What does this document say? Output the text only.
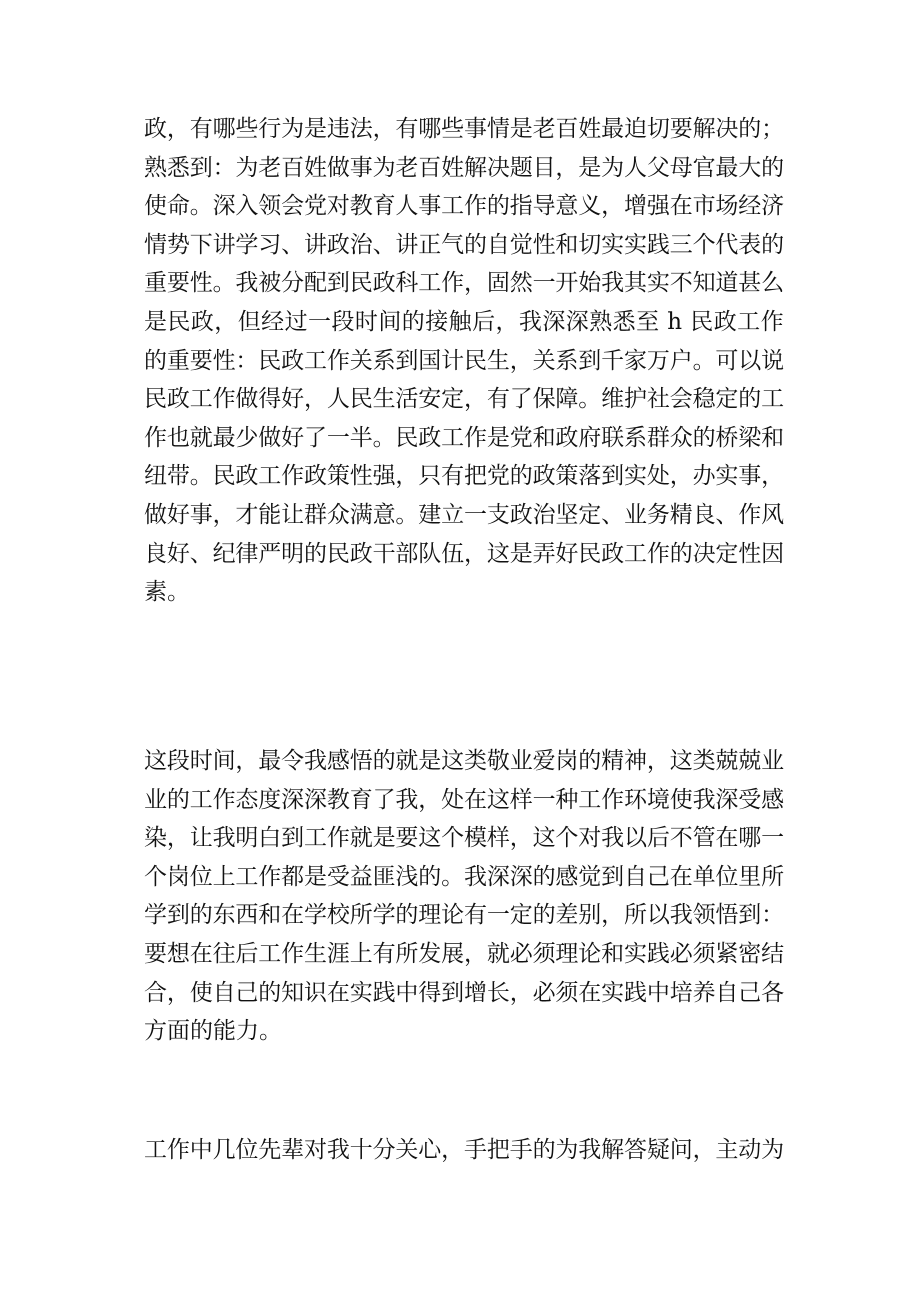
政，有哪些行为是违法，有哪些事情是老百姓最迫切要解决的；
熟悉到：为老百姓做事为老百姓解决题目，是为人父母官最大的
使命。深入领会党对教育人事工作的指导意义，增强在市场经济
情势下讲学习、讲政治、讲正气的自觉性和切实实践三个代表的
重要性。我被分配到民政科工作，固然一开始我其实不知道甚么
是民政，但经过一段时间的接触后，我深深熟悉至 h 民政工作
的重要性：民政工作关系到国计民生，关系到千家万户。可以说
民政工作做得好，人民生活安定，有了保障。维护社会稳定的工
作也就最少做好了一半。民政工作是党和政府联系群众的桥梁和
纽带。民政工作政策性强，只有把党的政策落到实处，办实事，
做好事，才能让群众满意。建立一支政治坚定、业务精良、作风
良好、纪律严明的民政干部队伍，这是弄好民政工作的决定性因
素。
这段时间，最令我感悟的就是这类敬业爱岗的精神，这类兢兢业
业的工作态度深深教育了我，处在这样一种工作环境使我深受感
染，让我明白到工作就是要这个模样，这个对我以后不管在哪一
个岗位上工作都是受益匪浅的。我深深的感觉到自己在单位里所
学到的东西和在学校所学的理论有一定的差别，所以我领悟到：
要想在往后工作生涯上有所发展，就必须理论和实践必须紧密结
合，使自己的知识在实践中得到增长，必须在实践中培养自己各
方面的能力。
工作中几位先辈对我十分关心，手把手的为我解答疑问，主动为
